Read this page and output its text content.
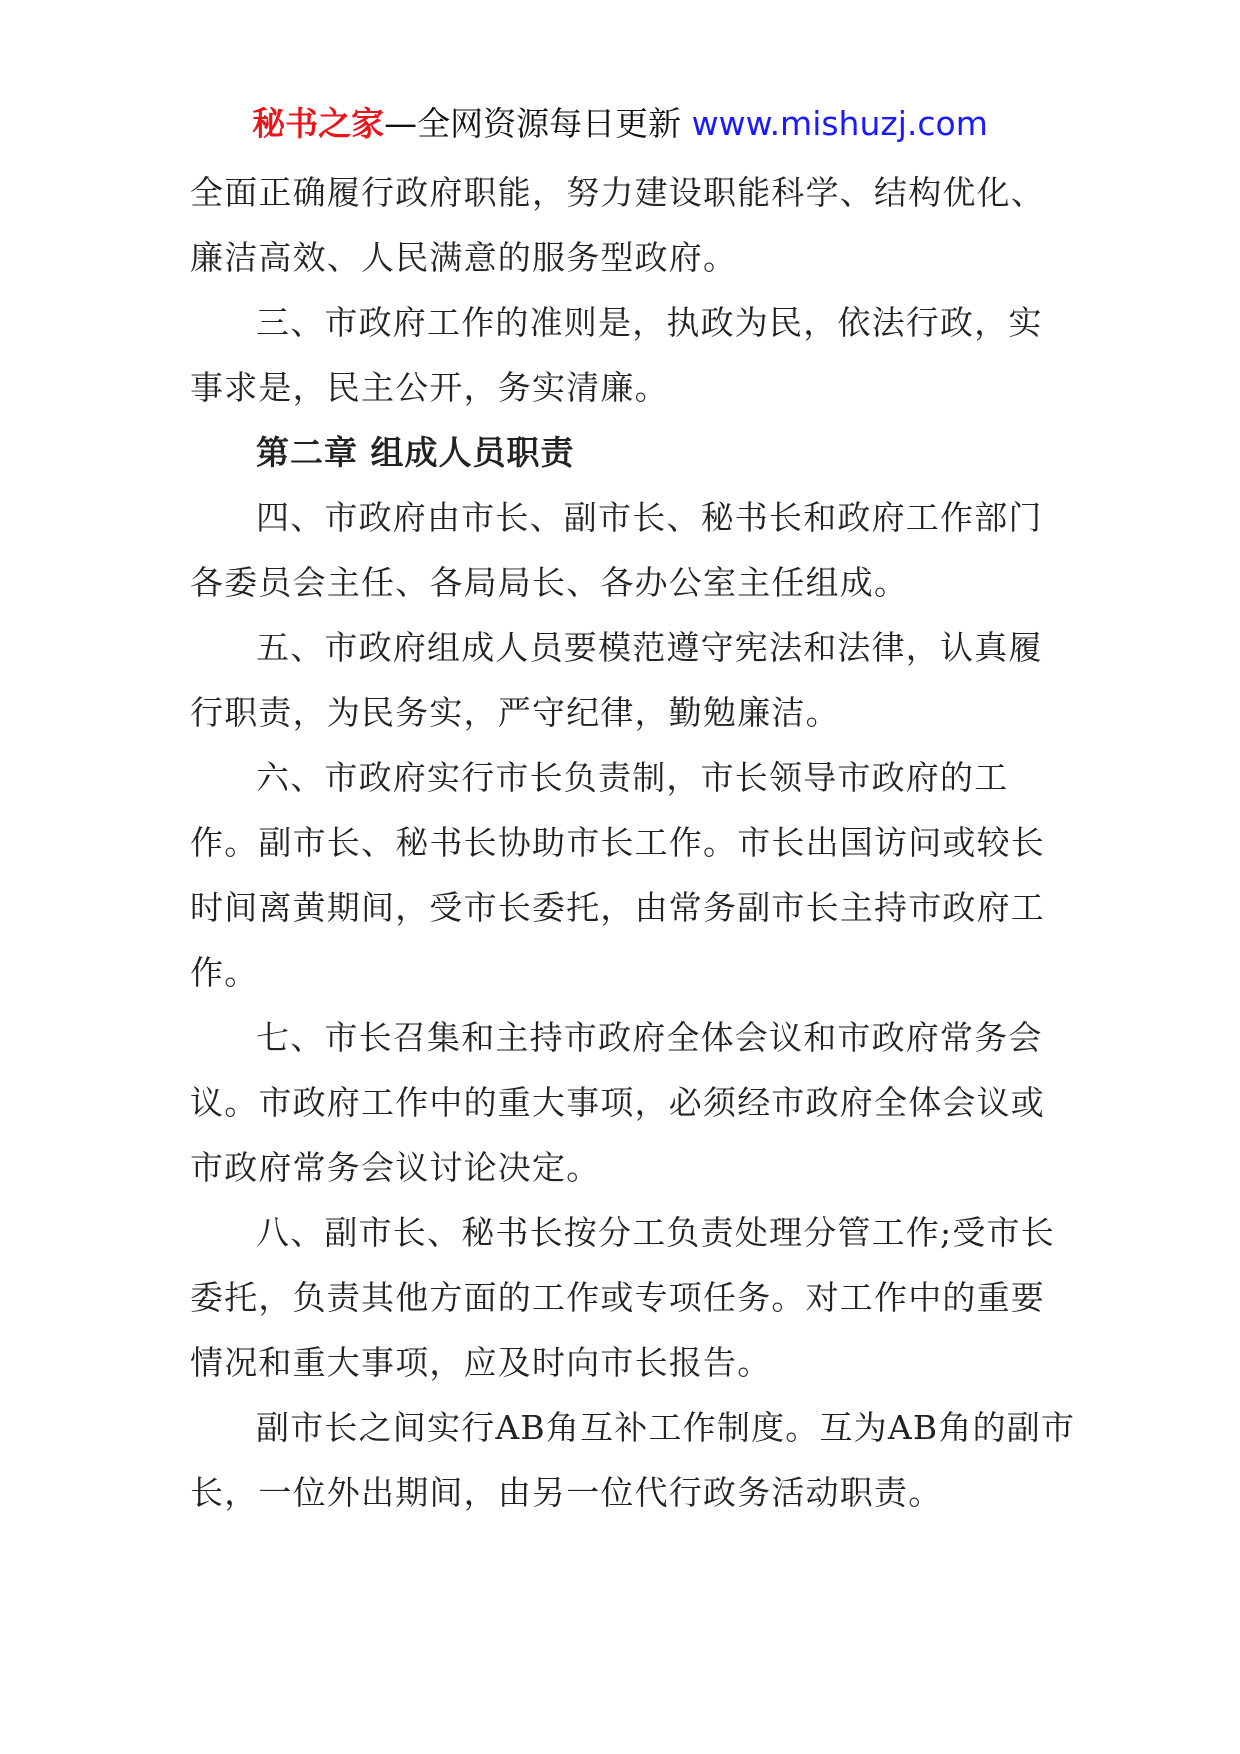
秘书之家—全网资源每日更新 www.mishuzj.com

全面正确履行政府职能，努力建设职能科学、结构优化、
廉洁高效、人民满意的服务型政府。

三、市政府工作的准则是，执政为民，依法行政，实
事求是，民主公开，务实清廉。

第二章 组成人员职责

四、市政府由市长、副市长、秘书长和政府工作部门
各委员会主任、各局局长、各办公室主任组成。

五、市政府组成人员要模范遵守宪法和法律，认真履
行职责，为民务实，严守纪律，勤勉廉洁。

六、市政府实行市长负责制，市长领导市政府的工
作。副市长、秘书长协助市长工作。市长出国访问或较长
时间离黄期间，受市长委托，由常务副市长主持市政府工
作。

七、市长召集和主持市政府全体会议和市政府常务会
议。市政府工作中的重大事项，必须经市政府全体会议或
市政府常务会议讨论决定。

八、副市长、秘书长按分工负责处理分管工作;受市长
委托，负责其他方面的工作或专项任务。对工作中的重要
情况和重大事项，应及时向市长报告。

副市长之间实行AB角互补工作制度。互为AB角的副市
长，一位外出期间，由另一位代行政务活动职责。
